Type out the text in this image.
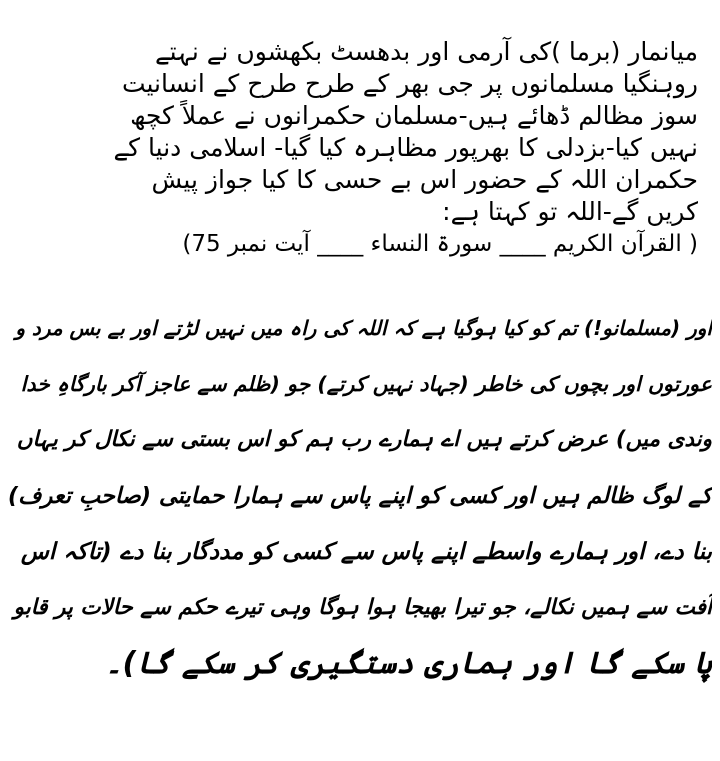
میانمار (برما )کی آرمی اور بدھسٹ بکھشوں نے نہتے
روہنگیا مسلمانوں پر جی بھر کے طرح طرح کے انسانیت
سوز مظالم ڈھائے ہیں-مسلمان حکمرانوں نے عملاً کچھ
نہیں کیا-بزدلی کا بھرپور مظاہرہ کیا گیا- اسلامی دنیا کے
حکمران اللہ کے حضور اس بے حسی کا کیا جواز پیش
کریں گے-اللہ تو کہتا ہے:
( القرآن الکریم ____ سورۃ النساء ____ آیت نمبر 75)
اور (مسلمانو!) تم کو کیا ہوگیا ہے کہ اللہ کی راہ میں نہیں لڑتے اور بے بس مرد و
عورتوں اور بچوں کی خاطر (جہاد نہیں کرتے) جو (ظلم سے عاجز آکر بارگاہِ خدا
وندی میں) عرض کرتے ہیں اے ہمارے رب ہم کو اس بستی سے نکال کر یہاں
کے لوگ ظالم ہیں اور کسی کو اپنے پاس سے ہمارا حمایتی (صاحبِ تعرف)
بنا دے، اور ہمارے واسطے اپنے پاس سے کسی کو مددگار بنا دے (تاکہ اس
آفت سے ہمیں نکالے، جو تیرا بھیجا ہوا ہوگا وہی تیرے حکم سے حالات پر قابو
پا سکے گا اور ہماری دستگیری کر سکے گا)۔
